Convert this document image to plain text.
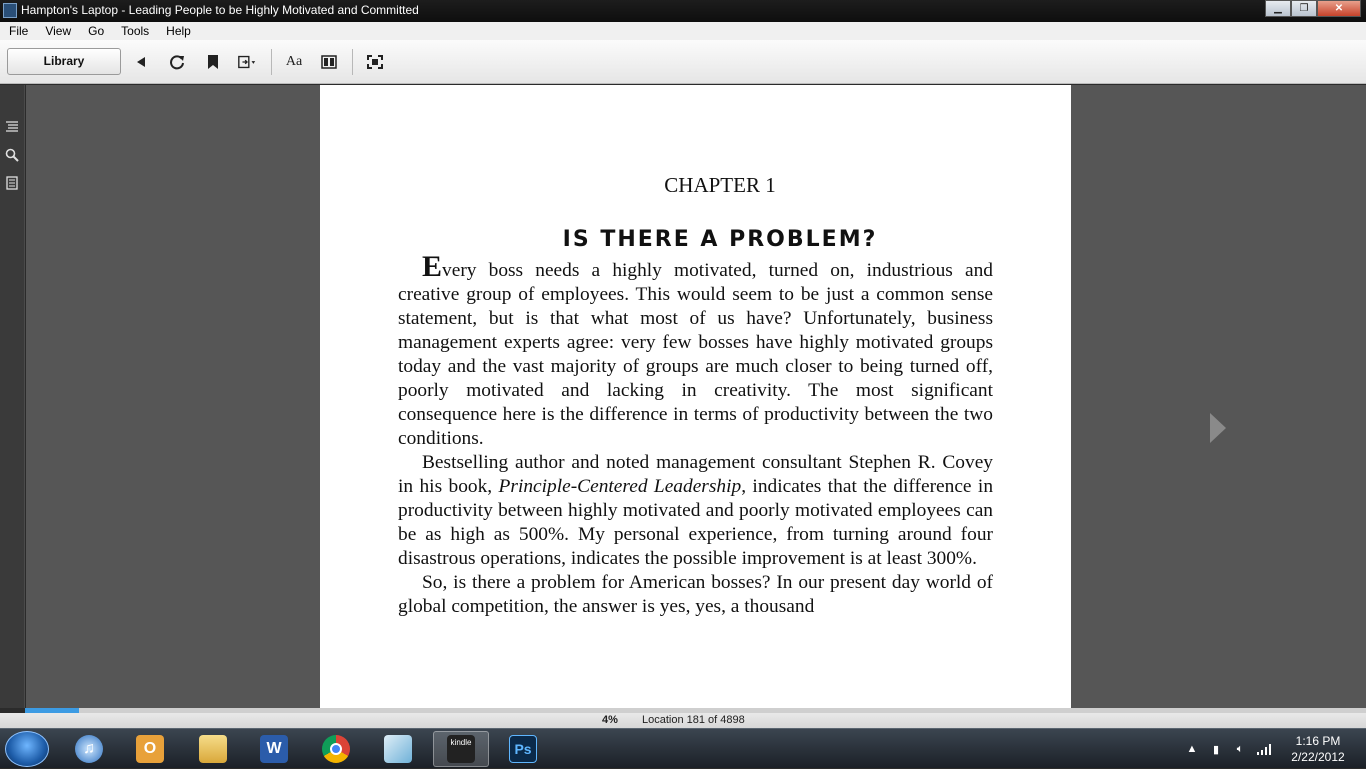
Hampton's Laptop - Leading People to be Highly Motivated and Committed	▁	❐	✕
File	View	Go	Tools	Help
Library	Aa
CHAPTER 1
IS THERE A PROBLEM?

Every boss needs a highly motivated, turned on, industrious and creative group of employees. This would seem to be just a common sense statement, but is that what most of us have? Unfortunately, business management experts agree: very few bosses have highly motivated groups today and the vast majority of groups are much closer to being turned off, poorly motivated and lacking in creativity. The most significant consequence here is the difference in terms of productivity between the two conditions.

Bestselling author and noted management consultant Stephen R. Covey in his book, Principle-Centered Leadership, indicates that the difference in productivity between highly motivated and poorly motivated employees can be as high as 500%. My personal experience, from turning around four disastrous operations, indicates the possible improvement is at least 300%.

So, is there a problem for American bosses? In our present day world of global competition, the answer is yes, yes, a thousand

4% Location 181 of 4898
♫	O	W	kindle	Ps	▲	▮	🔈︎
1:16 PM
2/22/2012
